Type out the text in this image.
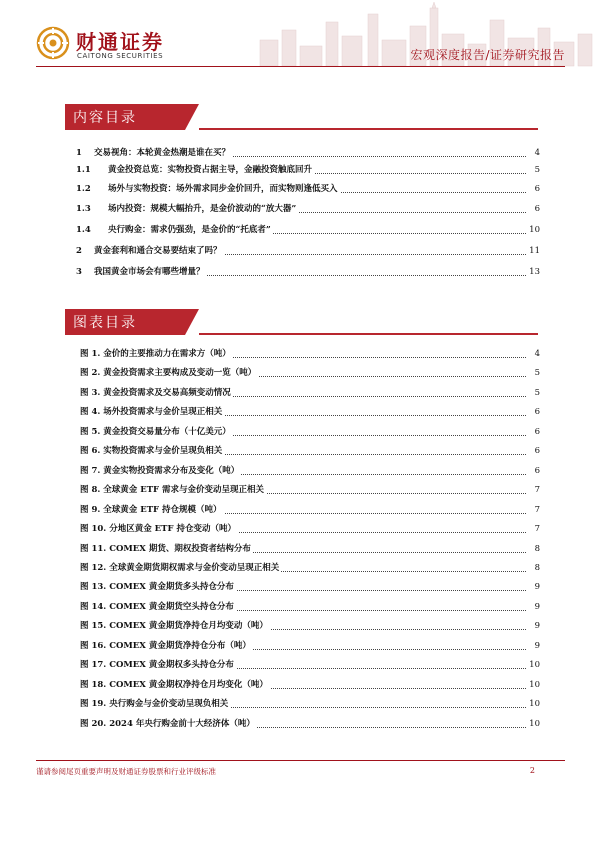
财通证券
CAITONG SECURITIES	宏观深度报告/证券研究报告
内容目录
1 交易视角：本轮黄金热潮是谁在买？	4
1.1 黄金投资总览：实物投资占据主导，金融投资触底回升	5
1.2 场外与实物投资：场外需求同步金价回升，而实物则逢低买入	6
1.3 场内投资：规模大幅抬升，是金价波动的“放大器”	6
1.4 央行购金：需求仍强劲，是金价的“托底者”	10
2 黄金套利和通合交易要结束了吗？	11
3 我国黄金市场会有哪些增量？	13
图表目录
图 1. 金价的主要推动力在需求方（吨）	4
图 2. 黄金投资需求主要构成及变动一览（吨）	5
图 3. 黄金投资需求及交易高频变动情况	5
图 4. 场外投资需求与金价呈现正相关	6
图 5. 黄金投资交易量分布（十亿美元）	6
图 6. 实物投资需求与金价呈现负相关	6
图 7. 黄金实物投资需求分布及变化（吨）	6
图 8. 全球黄金 ETF 需求与金价变动呈现正相关	7
图 9. 全球黄金 ETF 持仓规模（吨）	7
图 10. 分地区黄金 ETF 持仓变动（吨）	7
图 11. COMEX 期货、期权投资者结构分布	8
图 12. 全球黄金期货期权需求与金价变动呈现正相关	8
图 13. COMEX 黄金期货多头持仓分布	9
图 14. COMEX 黄金期货空头持仓分布	9
图 15. COMEX 黄金期货净持仓月均变动（吨）	9
图 16. COMEX 黄金期货净持仓分布（吨）	9
图 17. COMEX 黄金期权多头持仓分布	10
图 18. COMEX 黄金期权净持仓月均变化（吨）	10
图 19. 央行购金与金价变动呈现负相关	10
图 20. 2024 年央行购金前十大经济体（吨）	10
谨请参阅尾页重要声明及财通证券股票和行业评级标准	2
